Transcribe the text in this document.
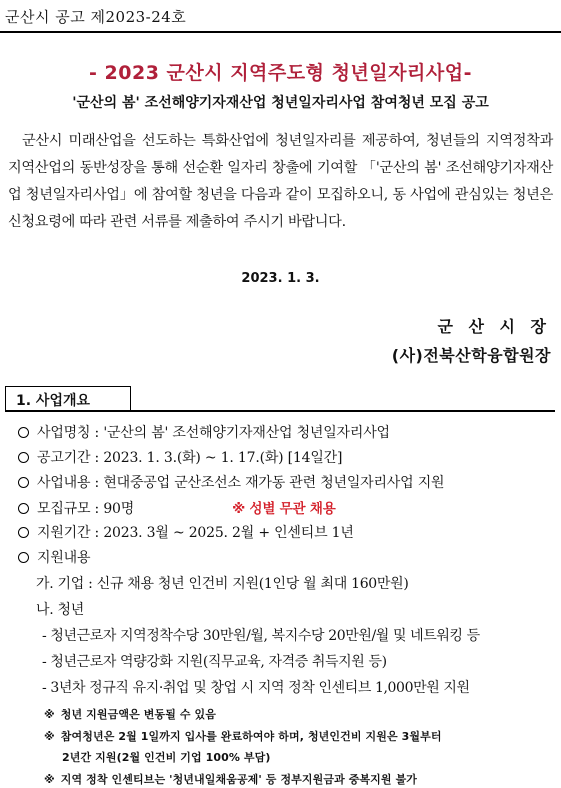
군산시 공고 제2023-24호
- 2023 군산시 지역주도형 청년일자리사업-
'군산의 봄' 조선해양기자재산업 청년일자리사업 참여청년 모집 공고
군산시 미래산업을 선도하는 특화산업에 청년일자리를 제공하여, 청년들의 지역정착과 지역산업의 동반성장을 통해 선순환 일자리 창출에 기여할 「'군산의 봄' 조선해양기자재산업 청년일자리사업」에 참여할 청년을 다음과 같이 모집하오니, 동 사업에 관심있는 청년은 신청요령에 따라 관련 서류를 제출하여 주시기 바랍니다.
2023. 1. 3.
군 산 시 장
(사)전북산학융합원장
1. 사업개요
사업명칭 : '군산의 봄' 조선해양기자재산업 청년일자리사업
공고기간 : 2023. 1. 3.(화) ~ 1. 17.(화) [14일간]
사업내용 : 현대중공업 군산조선소 재가동 관련 청년일자리사업 지원
모집규모 : 90명	※ 성별 무관 채용
지원기간 : 2023. 3월 ~ 2025. 2월 + 인센티브 1년
지원내용
가. 기업 : 신규 채용 청년 인건비 지원(1인당 월 최대 160만원)
나. 청년
- 청년근로자 지역정착수당 30만원/월, 복지수당 20만원/월 및 네트워킹 등
- 청년근로자 역량강화 지원(직무교육, 자격증 취득지원 등)
- 3년차 정규직 유지·취업 및 창업 시 지역 정착 인센티브 1,000만원 지원
※ 청년 지원금액은 변동될 수 있음
※ 참여청년은 2월 1일까지 입사를 완료하여야 하며, 청년인건비 지원은 3월부터
2년간 지원(2월 인건비 기업 100% 부담)
※ 지역 정착 인센티브는 '청년내일채움공제' 등 정부지원금과 중복지원 불가
